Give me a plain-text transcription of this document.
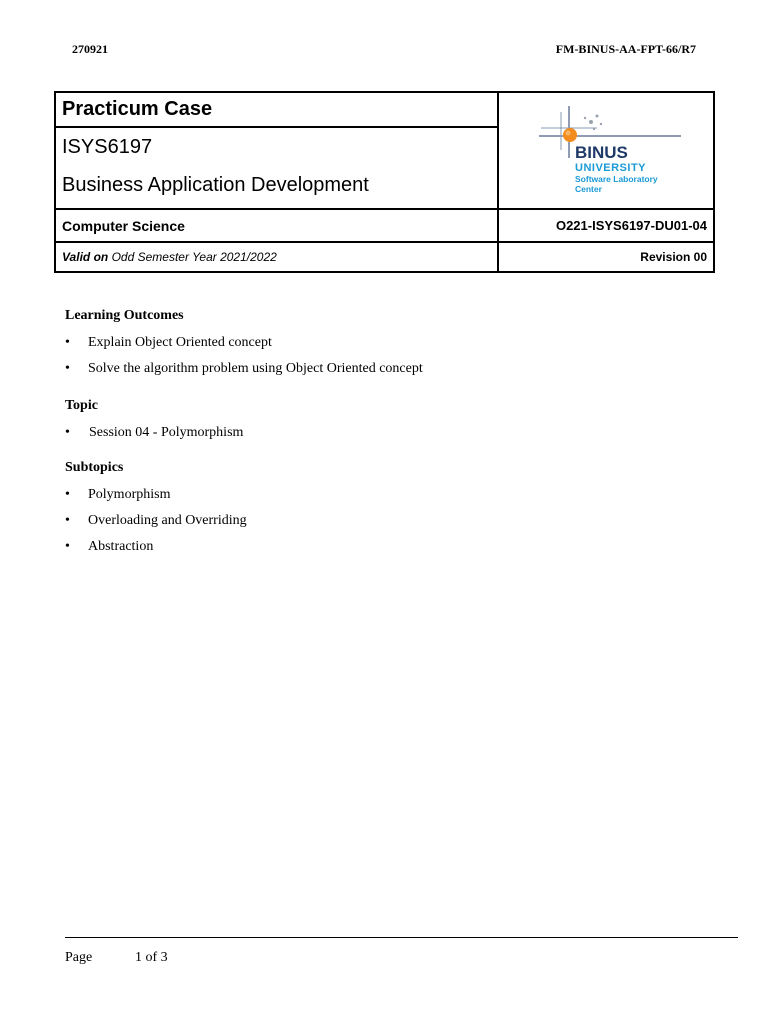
270921	FM-BINUS-AA-FPT-66/R7
Practicum Case	BINUS
UNIVERSITY
Software Laboratory
Center

ISYS6197
Business Application Development	

Computer Science	O221-ISYS6197-DU01-04
Valid on Odd Semester Year 2021/2022	Revision 00

Learning Outcomes

• Explain Object Oriented concept
• Solve the algorithm problem using Object Oriented concept

Topic

• Session 04 - Polymorphism

Subtopics

• Polymorphism
• Overloading and Overriding
• Abstraction
Page	1 of 3
